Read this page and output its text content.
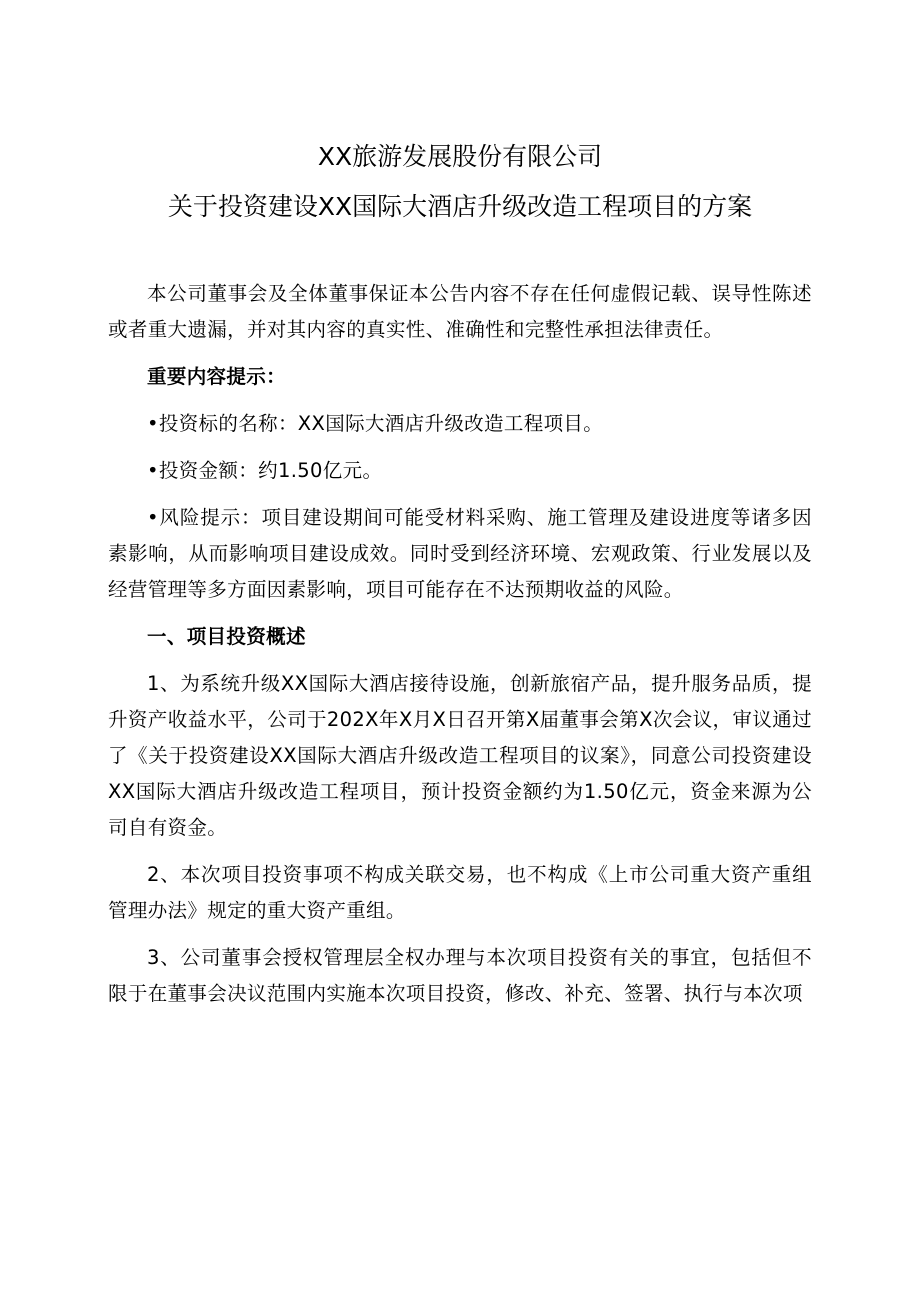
XX旅游发展股份有限公司
关于投资建设XX国际大酒店升级改造工程项目的方案

本公司董事会及全体董事保证本公告内容不存在任何虚假记载、误导性陈述或者重大遗漏，并对其内容的真实性、准确性和完整性承担法律责任。

重要内容提示：

•投资标的名称：XX国际大酒店升级改造工程项目。

•投资金额：约1.50亿元。

•风险提示：项目建设期间可能受材料采购、施工管理及建设进度等诸多因素影响，从而影响项目建设成效。同时受到经济环境、宏观政策、行业发展以及经营管理等多方面因素影响，项目可能存在不达预期收益的风险。

一、项目投资概述

1、为系统升级XX国际大酒店接待设施，创新旅宿产品，提升服务品质，提升资产收益水平，公司于202X年X月X日召开第X届董事会第X次会议，审议通过了《关于投资建设XX国际大酒店升级改造工程项目的议案》，同意公司投资建设XX国际大酒店升级改造工程项目，预计投资金额约为1.50亿元，资金来源为公司自有资金。

2、本次项目投资事项不构成关联交易，也不构成《上市公司重大资产重组管理办法》规定的重大资产重组。

3、公司董事会授权管理层全权办理与本次项目投资有关的事宜，包括但不限于在董事会决议范围内实施本次项目投资，修改、补充、签署、执行与本次项
